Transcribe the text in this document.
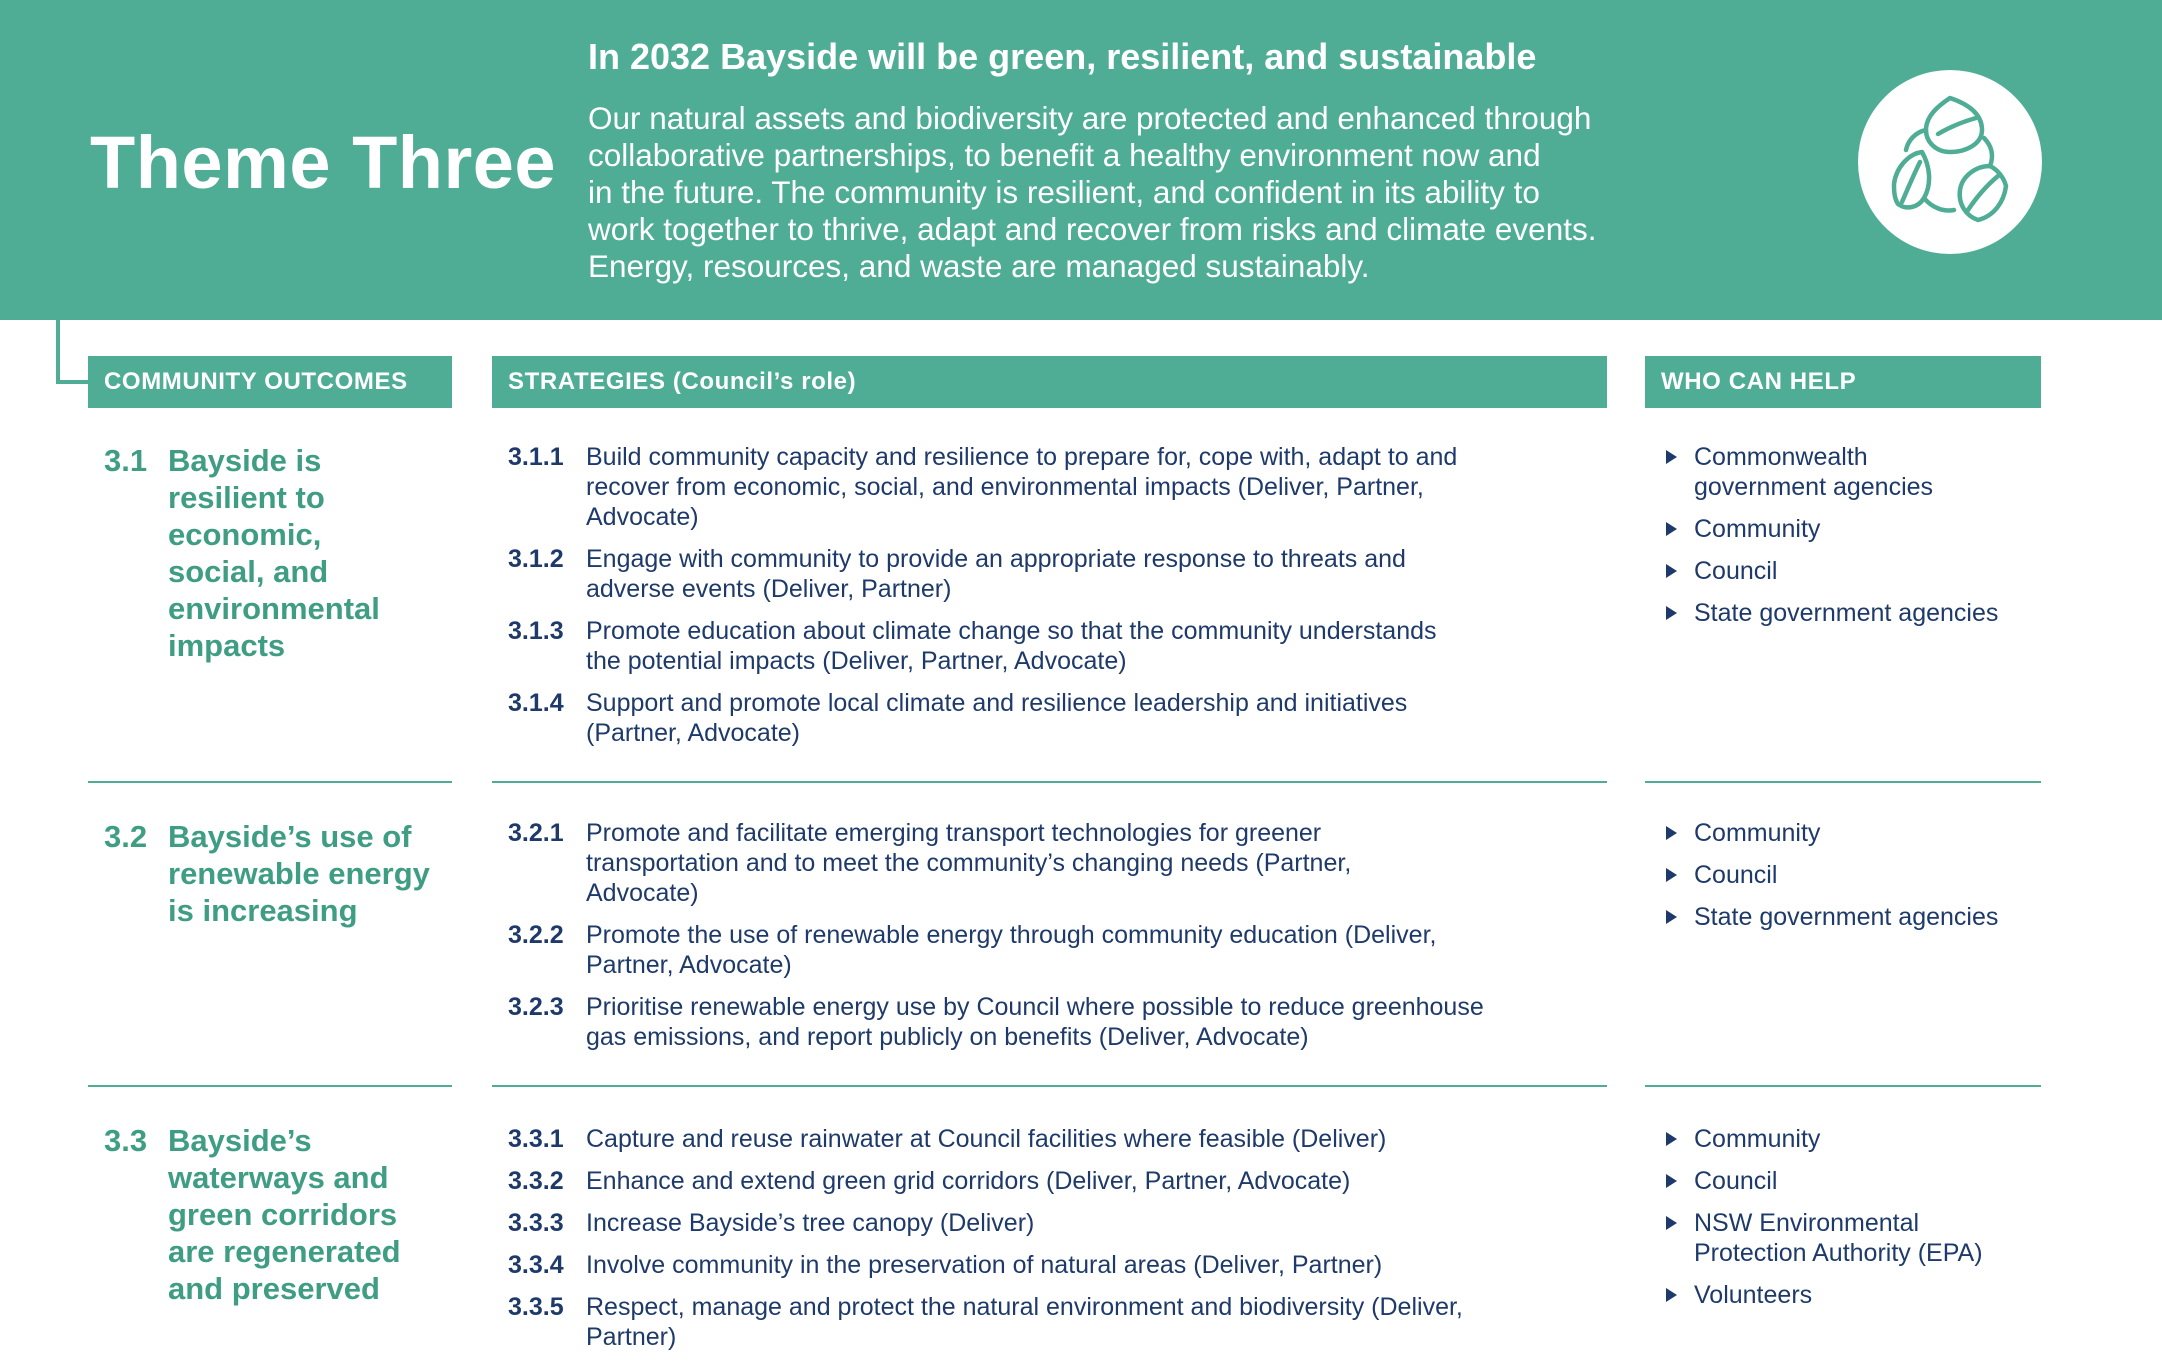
Theme Three
In 2032 Bayside will be green, resilient, and sustainable
Our natural assets and biodiversity are protected and enhanced through
collaborative partnerships, to benefit a healthy environment now and
in the future. The community is resilient, and confident in its ability to
work together to thrive, adapt and recover from risks and climate events.
Energy, resources, and waste are managed sustainably.
COMMUNITY OUTCOMES	STRATEGIES (Council’s role)	WHO CAN HELP
3.1 Bayside is
resilient to
economic,
social, and
environmental
impacts
3.1.1 Build community capacity and resilience to prepare for, cope with, adapt to and
recover from economic, social, and environmental impacts (Deliver, Partner,
Advocate)
3.1.2 Engage with community to provide an appropriate response to threats and
adverse events (Deliver, Partner)
3.1.3 Promote education about climate change so that the community understands
the potential impacts (Deliver, Partner, Advocate)
3.1.4 Support and promote local climate and resilience leadership and initiatives
(Partner, Advocate)
Commonwealth
government agencies
Community
Council
State government agencies
3.2 Bayside’s use of
renewable energy
is increasing
3.2.1 Promote and facilitate emerging transport technologies for greener
transportation and to meet the community’s changing needs (Partner,
Advocate)
3.2.2 Promote the use of renewable energy through community education (Deliver,
Partner, Advocate)
3.2.3 Prioritise renewable energy use by Council where possible to reduce greenhouse
gas emissions, and report publicly on benefits (Deliver, Advocate)
Community
Council
State government agencies
3.3 Bayside’s
waterways and
green corridors
are regenerated
and preserved
3.3.1 Capture and reuse rainwater at Council facilities where feasible (Deliver)
3.3.2 Enhance and extend green grid corridors (Deliver, Partner, Advocate)
3.3.3 Increase Bayside’s tree canopy (Deliver)
3.3.4 Involve community in the preservation of natural areas (Deliver, Partner)
3.3.5 Respect, manage and protect the natural environment and biodiversity (Deliver,
Partner)
Community
Council
NSW Environmental
Protection Authority (EPA)
Volunteers
